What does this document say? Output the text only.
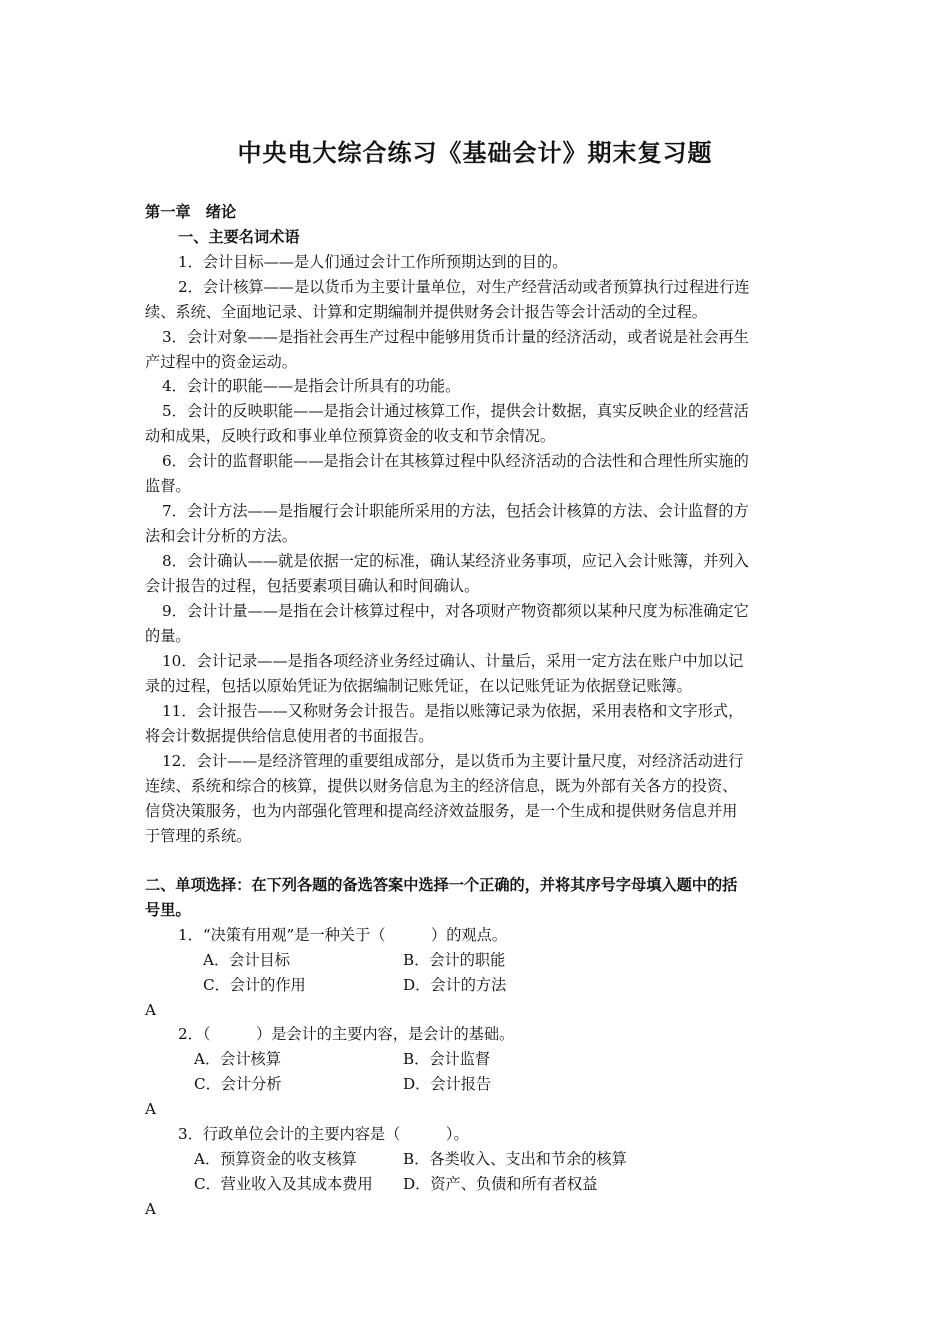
中央电大综合练习《基础会计》期末复习题
第一章　绪论
一、主要名词术语
1．会计目标——是人们通过会计工作所预期达到的目的。
2．会计核算——是以货币为主要计量单位，对生产经营活动或者预算执行过程进行连
续、系统、全面地记录、计算和定期编制并提供财务会计报告等会计活动的全过程。
3．会计对象——是指社会再生产过程中能够用货币计量的经济活动，或者说是社会再生
产过程中的资金运动。
4．会计的职能——是指会计所具有的功能。
5．会计的反映职能——是指会计通过核算工作，提供会计数据，真实反映企业的经营活
动和成果，反映行政和事业单位预算资金的收支和节余情况。
6．会计的监督职能——是指会计在其核算过程中队经济活动的合法性和合理性所实施的
监督。
7．会计方法——是指履行会计职能所采用的方法，包括会计核算的方法、会计监督的方
法和会计分析的方法。
8．会计确认——就是依据一定的标准，确认某经济业务事项，应记入会计账簿，并列入
会计报告的过程，包括要素项目确认和时间确认。
9．会计计量——是指在会计核算过程中，对各项财产物资都须以某种尺度为标准确定它
的量。
10．会计记录——是指各项经济业务经过确认、计量后，采用一定方法在账户中加以记
录的过程，包括以原始凭证为依据编制记账凭证，在以记账凭证为依据登记账簿。
11．会计报告——又称财务会计报告。是指以账簿记录为依据，采用表格和文字形式，
将会计数据提供给信息使用者的书面报告。
12．会计——是经济管理的重要组成部分，是以货币为主要计量尺度，对经济活动进行
连续、系统和综合的核算，提供以财务信息为主的经济信息，既为外部有关各方的投资、
信贷决策服务，也为内部强化管理和提高经济效益服务，是一个生成和提供财务信息并用
于管理的系统。
二、单项选择：在下列各题的备选答案中选择一个正确的，并将其序号字母填入题中的括
号里。
1．“决策有用观”是一种关于（　　　）的观点。
A．会计目标	B．会计的职能
C．会计的作用	D．会计的方法
A
2．（　　　）是会计的主要内容，是会计的基础。
A．会计核算	B．会计监督
C．会计分析	D．会计报告
A
3．行政单位会计的主要内容是（　　　）。
A．预算资金的收支核算	B．各类收入、支出和节余的核算
C．营业收入及其成本费用 D．资产、负债和所有者权益
A
